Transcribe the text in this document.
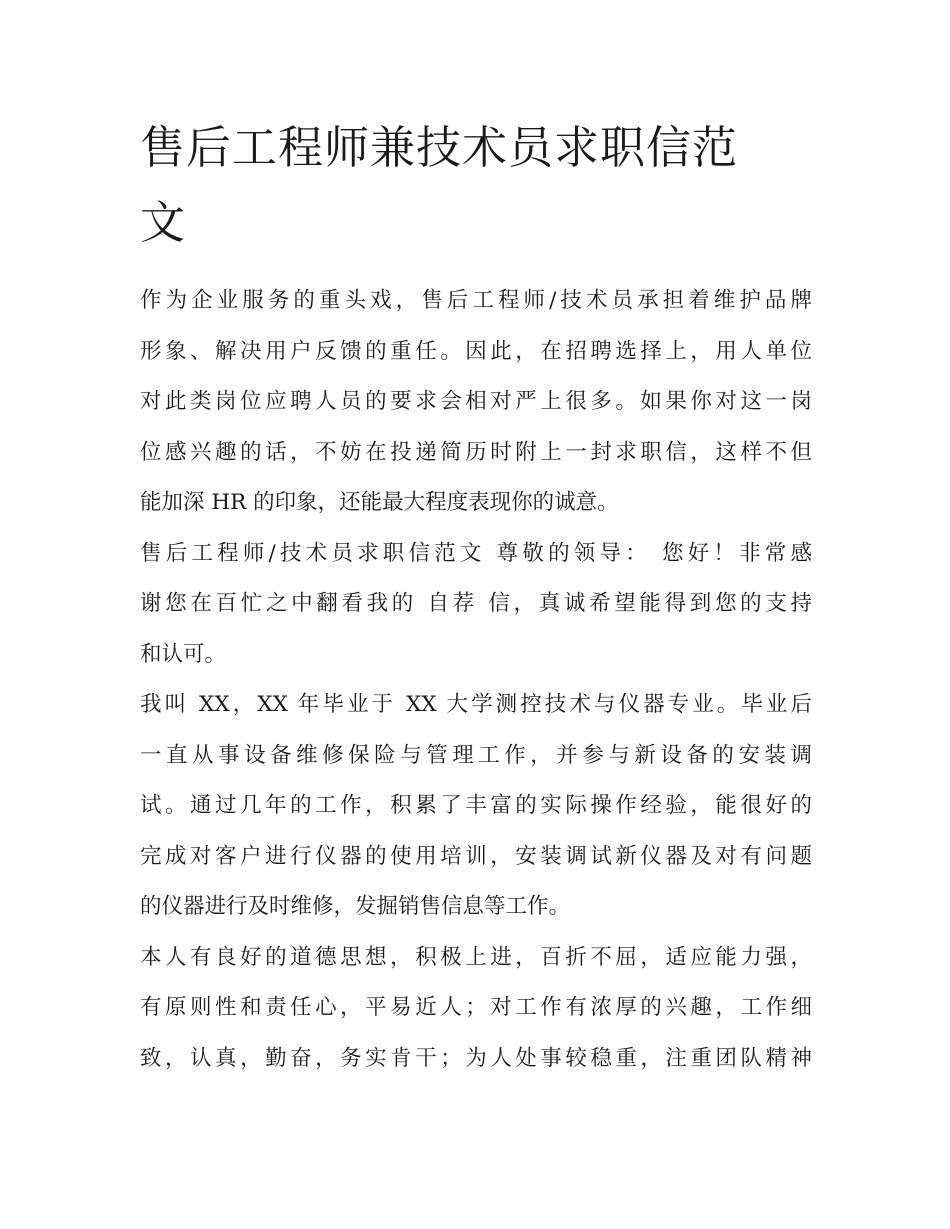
售后工程师兼技术员求职信范
文

作为企业服务的重头戏，售后工程师/技术员承担着维护品牌
形象、解决用户反馈的重任。因此，在招聘选择上，用人单位
对此类岗位应聘人员的要求会相对严上很多。如果你对这一岗
位感兴趣的话，不妨在投递简历时附上一封求职信，这样不但
能加深 HR 的印象，还能最大程度表现你的诚意。

售后工程师/技术员求职信范文 尊敬的领导： 您好！非常感
谢您在百忙之中翻看我的 自荐 信，真诚希望能得到您的支持
和认可。

我叫 XX，XX 年毕业于 XX 大学测控技术与仪器专业。毕业后
一直从事设备维修保险与管理工作，并参与新设备的安装调
试。通过几年的工作，积累了丰富的实际操作经验，能很好的
完成对客户进行仪器的使用培训，安装调试新仪器及对有问题
的仪器进行及时维修，发掘销售信息等工作。

本人有良好的道德思想，积极上进，百折不屈，适应能力强，
有原则性和责任心，平易近人；对工作有浓厚的兴趣，工作细
致，认真，勤奋，务实肯干；为人处事较稳重，注重团队精神
